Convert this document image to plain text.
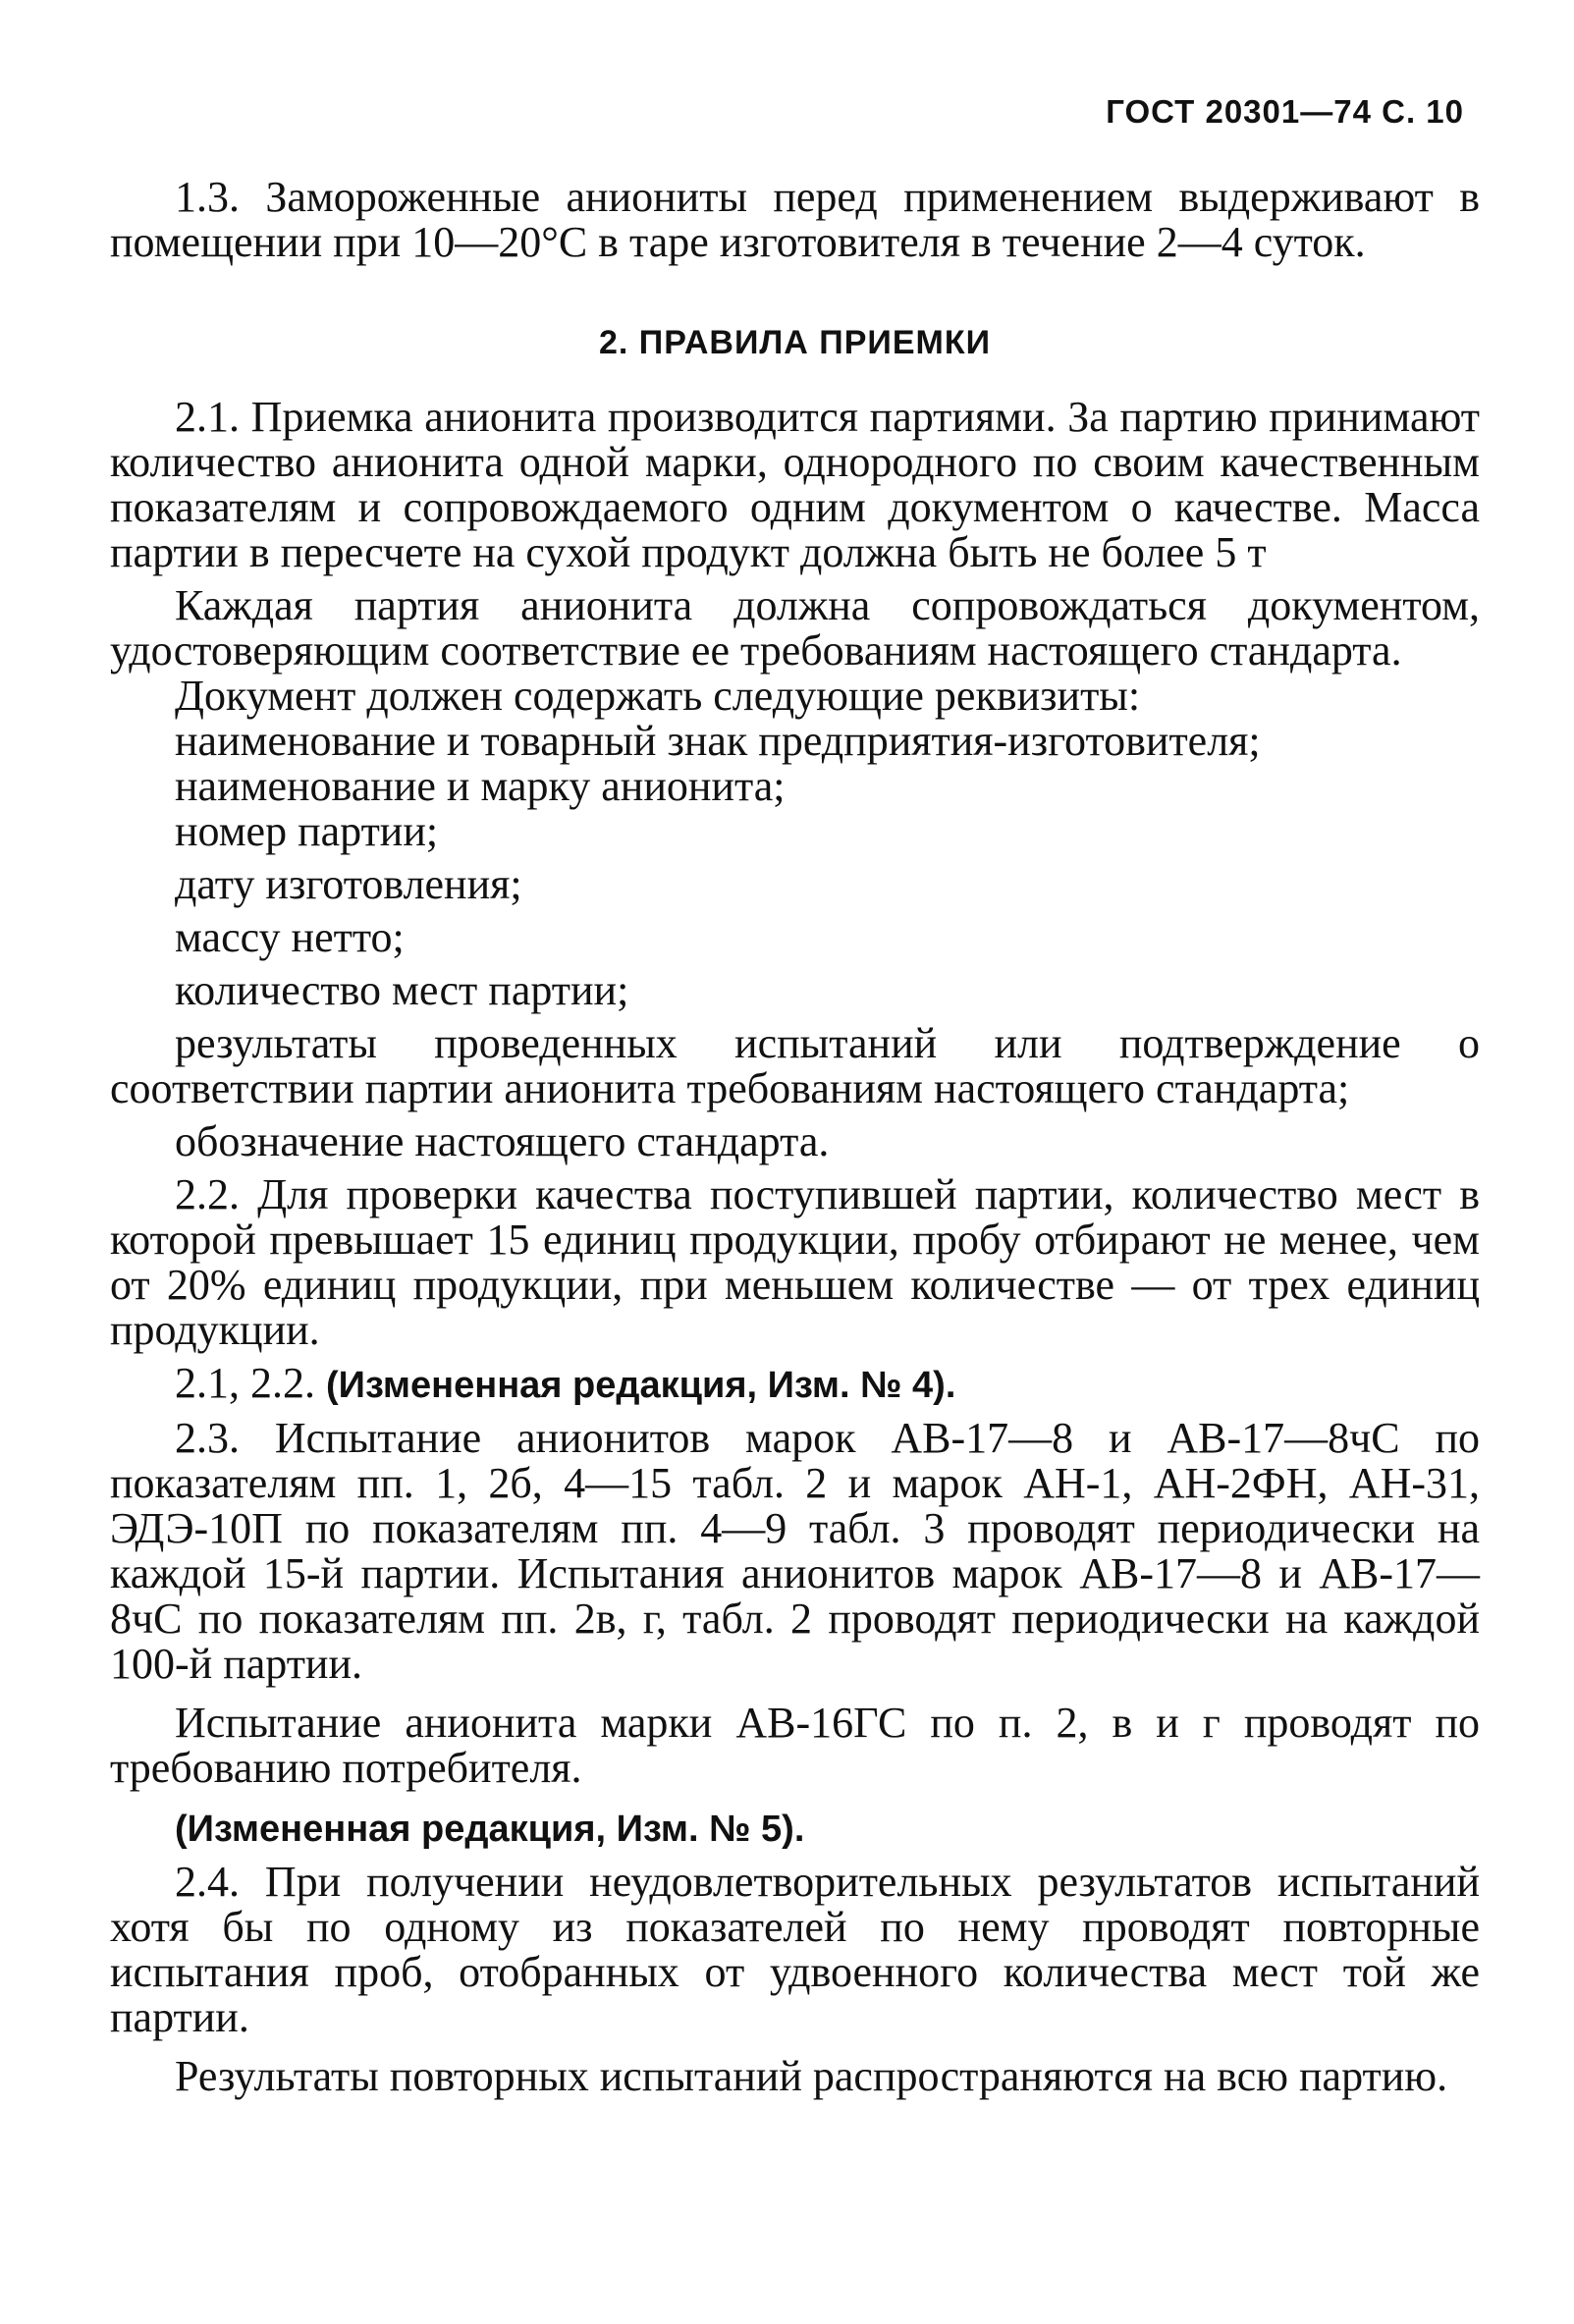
ГОСТ 20301—74 С. 10

1.3. Замороженные аниониты перед применением выдерживают в помещении при 10—20°С в таре изготовителя в течение 2—4 суток.

2. ПРАВИЛА ПРИЕМКИ

2.1. Приемка анионита производится партиями. За партию принимают количество анионита одной марки, однородного по своим качественным показателям и сопровождаемого одним документом о качестве. Масса партии в пересчете на сухой продукт должна быть не более 5 т

Каждая партия анионита должна сопровождаться документом, удостоверяющим соответствие ее требованиям настоящего стандарта.

Документ должен содержать следующие реквизиты:

наименование и товарный знак предприятия-изготовителя;

наименование и марку анионита;

номер партии;

дату изготовления;

массу нетто;

количество мест партии;

результаты проведенных испытаний или подтверждение о соответствии партии анионита требованиям настоящего стандарта;

обозначение настоящего стандарта.

2.2. Для проверки качества поступившей партии, количество мест в которой превышает 15 единиц продукции, пробу отбирают не менее, чем от 20% единиц продукции, при меньшем количестве — от трех единиц продукции.

2.1, 2.2. (Измененная редакция, Изм. № 4).

2.3. Испытание анионитов марок АВ-17—8 и АВ-17—8чС по показателям пп. 1, 2б, 4—15 табл. 2 и марок АН-1, АН-2ФН, АН-31, ЭДЭ-10П по показателям пп. 4—9 табл. 3 проводят периодически на каждой 15-й партии. Испытания анионитов марок АВ-17—8 и АВ-17—8чС по показателям пп. 2в, г, табл. 2 проводят периодически на каждой 100-й партии.

Испытание анионита марки АВ-16ГС по п. 2, в и г проводят по требованию потребителя.

(Измененная редакция, Изм. № 5).

2.4. При получении неудовлетворительных результатов испытаний хотя бы по одному из показателей по нему проводят повторные испытания проб, отобранных от удвоенного количества мест той же партии.

Результаты повторных испытаний распространяются на всю партию.
